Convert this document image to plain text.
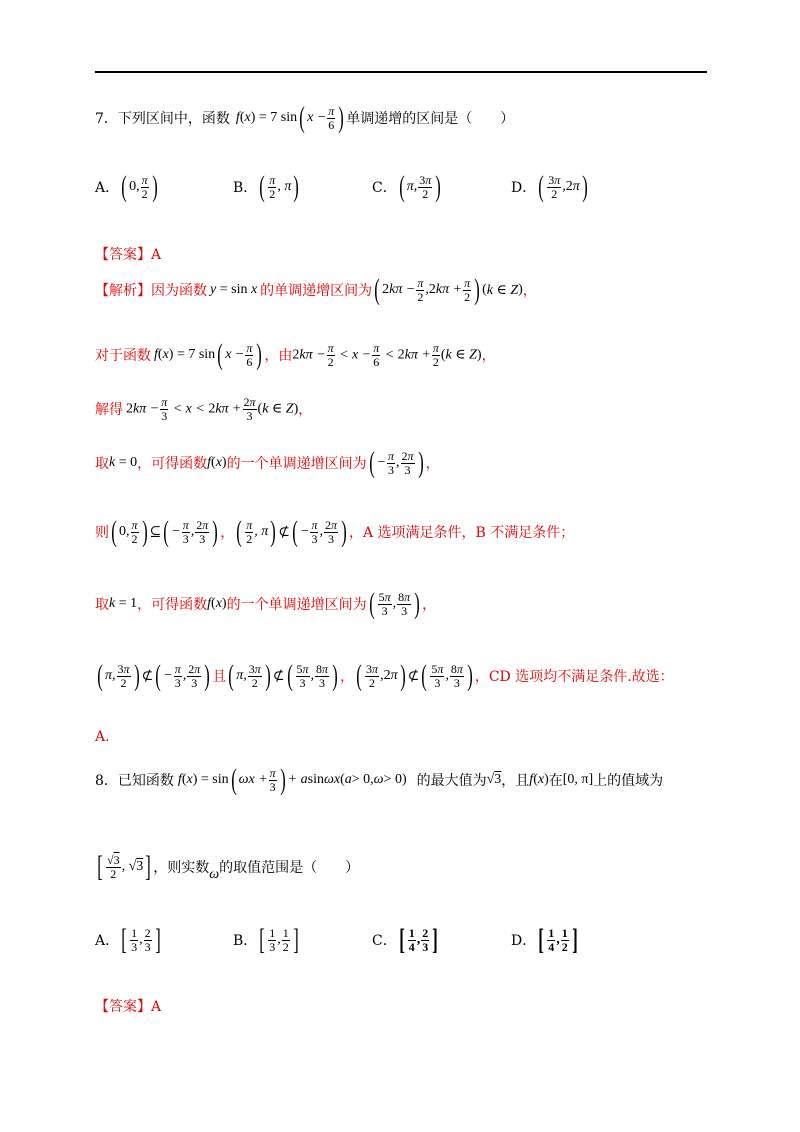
7．下列区间中，函数 f(x) = 7 sin ( $x - \frac{\pi}{6}$ ) 单调递增的区间是（　　）
A． ( 0, $\frac{\pi}{2}$ )	B． ( $\frac{\pi}{2}$ , π )	C． ( π, $\frac{3\pi}{2}$ )	D． ( $\frac{3\pi}{2}$ , 2 π )
【答案】A
【解析】 因为函数 y = sin x 的单调递增区间为 ( 2 $k\pi - \frac{\pi}{2}$ , 2 $k\pi + \frac{\pi}{2}$ ) ( k ∈ Z ) ，
对于函数 f(x) = 7 sin ( $x - \frac{\pi}{6}$ ) ，由 $2k\pi - \frac{\pi}{2} < x - \frac{\pi}{6} < 2k\pi + \frac{\pi}{2} (k$ ∈ Z) ，
解得 $2k\pi - \frac{\pi}{3} < x < 2k\pi + \frac{2\pi}{3} (k$ ∈ Z) ，
取 k = 0 ，可得函数 f(x) 的一个单调递增区间为 ( − $\frac{\pi}{3}$ , $\frac{2\pi}{3}$ ) ，
则 ( 0, $\frac{\pi}{2}$ ) ⊆ ( − $\frac{\pi}{3}$ , $\frac{2\pi}{3}$ ) ， ( $\frac{\pi}{2}$ , π ) ⊄ ( − $\frac{\pi}{3}$ , $\frac{2\pi}{3}$ ) ，A 选项满足条件，B 不满足条件；
取 k = 1 ，可得函数 f(x) 的一个单调递增区间为 ( $\frac{5\pi}{3}$ , $\frac{8\pi}{3}$ ) ，
( π, $\frac{3\pi}{2}$ ) ⊄ ( − $\frac{\pi}{3}$ , $\frac{2\pi}{3}$ ) 且 ( π, $\frac{3\pi}{2}$ ) ⊄ ( $\frac{5\pi}{3}$ , $\frac{8\pi}{3}$ ) ， ( $\frac{3\pi}{2}$ , 2 π ) ⊄ ( $\frac{5\pi}{3}$ , $\frac{8\pi}{3}$ ) ，CD 选项均不满足条件.故选：
A.
8．已知函数 f(x) = sin ( $\omega x + \frac{\pi}{3}$ ) + a sin ωx ( a > 0, ω > 0) 的最大值为 √3 ，且 f(x) 在 [0, π] 上的值域为
[ $\frac{√3}{2}$ , √3 ] ，则实数 ω 的取值范围是（　　）
A． [ $\frac{1}{3}$ , $\frac{2}{3}$ ]	B． [ $\frac{1}{3}$ , $\frac{1}{2}$ ]	C． [ $\frac{1}{4}$ , $\frac{2}{3}$ ]	D． [ $\frac{1}{4}$ , $\frac{1}{2}$ ]
【答案】A
